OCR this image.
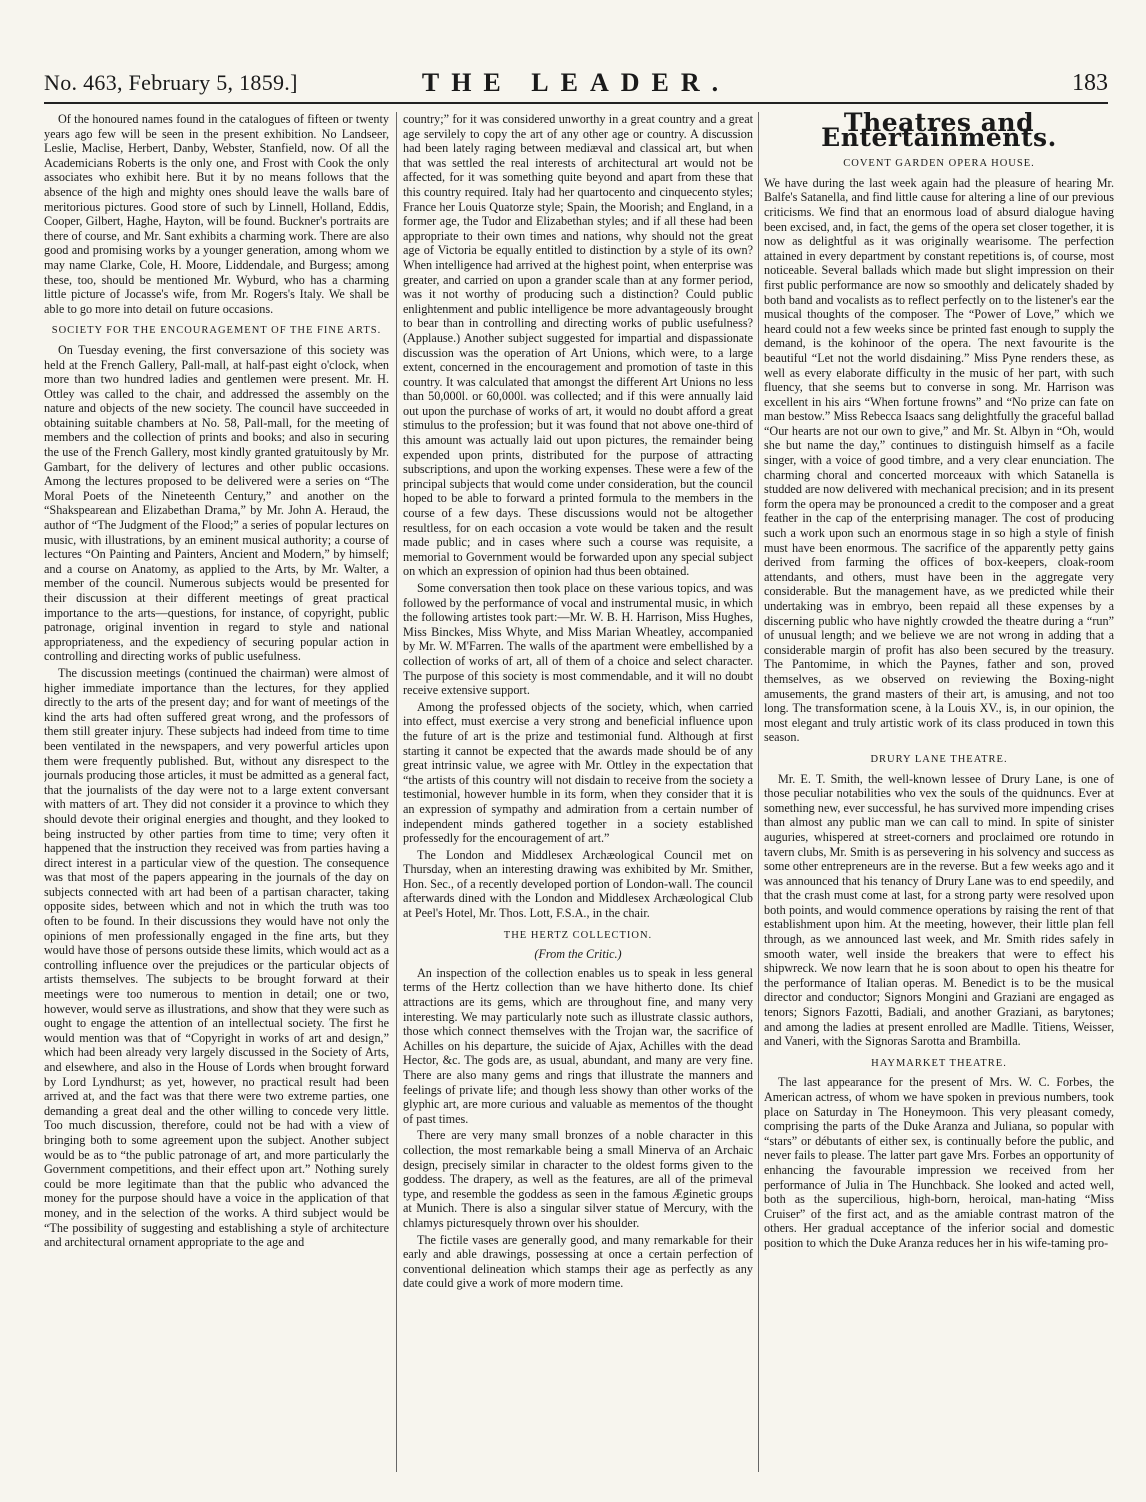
No. 463, February 5, 1859.]	THE LEADER.	183

Of the honoured names found in the catalogues of fifteen or twenty years ago few will be seen in the present exhibition. No Landseer, Leslie, Maclise, Herbert, Danby, Webster, Stanfield, now. Of all the Academicians Roberts is the only one, and Frost with Cook the only associates who exhibit here. But it by no means follows that the absence of the high and mighty ones should leave the walls bare of meritorious pictures. Good store of such by Linnell, Holland, Eddis, Cooper, Gilbert, Haghe, Hayton, will be found. Buckner's portraits are there of course, and Mr. Sant exhibits a charming work. There are also good and promising works by a younger generation, among whom we may name Clarke, Cole, H. Moore, Liddendale, and Burgess; among these, too, should be mentioned Mr. Wyburd, who has a charming little picture of Jocasse's wife, from Mr. Rogers's Italy. We shall be able to go more into detail on future occasions.

SOCIETY FOR THE ENCOURAGEMENT OF THE FINE ARTS.

On Tuesday evening, the first conversazione of this society was held at the French Gallery, Pall-mall, at half-past eight o'clock, when more than two hundred ladies and gentlemen were present. Mr. H. Ottley was called to the chair, and addressed the assembly on the nature and objects of the new society. The council have succeeded in obtaining suitable chambers at No. 58, Pall-mall, for the meeting of members and the collection of prints and books; and also in securing the use of the French Gallery, most kindly granted gratuitously by Mr. Gambart, for the delivery of lectures and other public occasions. Among the lectures proposed to be delivered were a series on “The Moral Poets of the Nineteenth Century,” and another on the “Shakspearean and Elizabethan Drama,” by Mr. John A. Heraud, the author of “The Judgment of the Flood;” a series of popular lectures on music, with illustrations, by an eminent musical authority; a course of lectures “On Painting and Painters, Ancient and Modern,” by himself; and a course on Anatomy, as applied to the Arts, by Mr. Walter, a member of the council. Numerous subjects would be presented for their discussion at their different meetings of great practical importance to the arts—questions, for instance, of copyright, public patronage, original invention in regard to style and national appropriateness, and the expediency of securing popular action in controlling and directing works of public usefulness.

The discussion meetings (continued the chairman) were almost of higher immediate importance than the lectures, for they applied directly to the arts of the present day; and for want of meetings of the kind the arts had often suffered great wrong, and the professors of them still greater injury. These subjects had indeed from time to time been ventilated in the newspapers, and very powerful articles upon them were frequently published. But, without any disrespect to the journals producing those articles, it must be admitted as a general fact, that the journalists of the day were not to a large extent conversant with matters of art. They did not consider it a province to which they should devote their original energies and thought, and they looked to being instructed by other parties from time to time; very often it happened that the instruction they received was from parties having a direct interest in a particular view of the question. The consequence was that most of the papers appearing in the journals of the day on subjects connected with art had been of a partisan character, taking opposite sides, between which and not in which the truth was too often to be found. In their discussions they would have not only the opinions of men professionally engaged in the fine arts, but they would have those of persons outside these limits, which would act as a controlling influence over the prejudices or the particular objects of artists themselves. The subjects to be brought forward at their meetings were too numerous to mention in detail; one or two, however, would serve as illustrations, and show that they were such as ought to engage the attention of an intellectual society. The first he would mention was that of “Copyright in works of art and design,” which had been already very largely discussed in the Society of Arts, and elsewhere, and also in the House of Lords when brought forward by Lord Lyndhurst; as yet, however, no practical result had been arrived at, and the fact was that there were two extreme parties, one demanding a great deal and the other willing to concede very little. Too much discussion, therefore, could not be had with a view of bringing both to some agreement upon the subject. Another subject would be as to “the public patronage of art, and more particularly the Government competitions, and their effect upon art.” Nothing surely could be more legitimate than that the public who advanced the money for the purpose should have a voice in the application of that money, and in the selection of the works. A third subject would be “The possibility of suggesting and establishing a style of architecture and architectural ornament appropriate to the age and

country;” for it was considered unworthy in a great country and a great age servilely to copy the art of any other age or country. A discussion had been lately raging between mediæval and classical art, but when that was settled the real interests of architectural art would not be affected, for it was something quite beyond and apart from these that this country required. Italy had her quartocento and cinquecento styles; France her Louis Quatorze style; Spain, the Moorish; and England, in a former age, the Tudor and Elizabethan styles; and if all these had been appropriate to their own times and nations, why should not the great age of Victoria be equally entitled to distinction by a style of its own? When intelligence had arrived at the highest point, when enterprise was greater, and carried on upon a grander scale than at any former period, was it not worthy of producing such a distinction? Could public enlightenment and public intelligence be more advantageously brought to bear than in controlling and directing works of public usefulness? (Applause.) Another subject suggested for impartial and dispassionate discussion was the operation of Art Unions, which were, to a large extent, concerned in the encouragement and promotion of taste in this country. It was calculated that amongst the different Art Unions no less than 50,000l. or 60,000l. was collected; and if this were annually laid out upon the purchase of works of art, it would no doubt afford a great stimulus to the profession; but it was found that not above one-third of this amount was actually laid out upon pictures, the remainder being expended upon prints, distributed for the purpose of attracting subscriptions, and upon the working expenses. These were a few of the principal subjects that would come under consideration, but the council hoped to be able to forward a printed formula to the members in the course of a few days. These discussions would not be altogether resultless, for on each occasion a vote would be taken and the result made public; and in cases where such a course was requisite, a memorial to Government would be forwarded upon any special subject on which an expression of opinion had thus been obtained.

Some conversation then took place on these various topics, and was followed by the performance of vocal and instrumental music, in which the following artistes took part:—Mr. W. B. H. Harrison, Miss Hughes, Miss Binckes, Miss Whyte, and Miss Marian Wheatley, accompanied by Mr. W. M'Farren. The walls of the apartment were embellished by a collection of works of art, all of them of a choice and select character. The purpose of this society is most commendable, and it will no doubt receive extensive support.

Among the professed objects of the society, which, when carried into effect, must exercise a very strong and beneficial influence upon the future of art is the prize and testimonial fund. Although at first starting it cannot be expected that the awards made should be of any great intrinsic value, we agree with Mr. Ottley in the expectation that “the artists of this country will not disdain to receive from the society a testimonial, however humble in its form, when they consider that it is an expression of sympathy and admiration from a certain number of independent minds gathered together in a society established professedly for the encouragement of art.”

The London and Middlesex Archæological Council met on Thursday, when an interesting drawing was exhibited by Mr. Smither, Hon. Sec., of a recently developed portion of London-wall. The council afterwards dined with the London and Middlesex Archæological Club at Peel's Hotel, Mr. Thos. Lott, F.S.A., in the chair.

THE HERTZ COLLECTION.

(From the Critic.)

An inspection of the collection enables us to speak in less general terms of the Hertz collection than we have hitherto done. Its chief attractions are its gems, which are throughout fine, and many very interesting. We may particularly note such as illustrate classic authors, those which connect themselves with the Trojan war, the sacrifice of Achilles on his departure, the suicide of Ajax, Achilles with the dead Hector, &c. The gods are, as usual, abundant, and many are very fine. There are also many gems and rings that illustrate the manners and feelings of private life; and though less showy than other works of the glyphic art, are more curious and valuable as mementos of the thought of past times.

There are very many small bronzes of a noble character in this collection, the most remarkable being a small Minerva of an Archaic design, precisely similar in character to the oldest forms given to the goddess. The drapery, as well as the features, are all of the primeval type, and resemble the goddess as seen in the famous Æginetic groups at Munich. There is also a singular silver statue of Mercury, with the chlamys picturesquely thrown over his shoulder.

The fictile vases are generally good, and many remarkable for their early and able drawings, possessing at once a certain perfection of conventional delineation which stamps their age as perfectly as any date could give a work of more modern time.

Theatres and Entertainments.
COVENT GARDEN OPERA HOUSE.

We have during the last week again had the pleasure of hearing Mr. Balfe's Satanella, and find little cause for altering a line of our previous criticisms. We find that an enormous load of absurd dialogue having been excised, and, in fact, the gems of the opera set closer together, it is now as delightful as it was originally wearisome. The perfection attained in every department by constant repetitions is, of course, most noticeable. Several ballads which made but slight impression on their first public performance are now so smoothly and delicately shaded by both band and vocalists as to reflect perfectly on to the listener's ear the musical thoughts of the composer. The “Power of Love,” which we heard could not a few weeks since be printed fast enough to supply the demand, is the kohinoor of the opera. The next favourite is the beautiful “Let not the world disdaining.” Miss Pyne renders these, as well as every elaborate difficulty in the music of her part, with such fluency, that she seems but to converse in song. Mr. Harrison was excellent in his airs “When fortune frowns” and “No prize can fate on man bestow.” Miss Rebecca Isaacs sang delightfully the graceful ballad “Our hearts are not our own to give,” and Mr. St. Albyn in “Oh, would she but name the day,” continues to distinguish himself as a facile singer, with a voice of good timbre, and a very clear enunciation. The charming choral and concerted morceaux with which Satanella is studded are now delivered with mechanical precision; and in its present form the opera may be pronounced a credit to the composer and a great feather in the cap of the enterprising manager. The cost of producing such a work upon such an enormous stage in so high a style of finish must have been enormous. The sacrifice of the apparently petty gains derived from farming the offices of box-keepers, cloak-room attendants, and others, must have been in the aggregate very considerable. But the management have, as we predicted while their undertaking was in embryo, been repaid all these expenses by a discerning public who have nightly crowded the theatre during a “run” of unusual length; and we believe we are not wrong in adding that a considerable margin of profit has also been secured by the treasury. The Pantomime, in which the Paynes, father and son, proved themselves, as we observed on reviewing the Boxing-night amusements, the grand masters of their art, is amusing, and not too long. The transformation scene, à la Louis XV., is, in our opinion, the most elegant and truly artistic work of its class produced in town this season.

DRURY LANE THEATRE.

Mr. E. T. Smith, the well-known lessee of Drury Lane, is one of those peculiar notabilities who vex the souls of the quidnuncs. Ever at something new, ever successful, he has survived more impending crises than almost any public man we can call to mind. In spite of sinister auguries, whispered at street-corners and proclaimed ore rotundo in tavern clubs, Mr. Smith is as persevering in his solvency and success as some other entrepreneurs are in the reverse. But a few weeks ago and it was announced that his tenancy of Drury Lane was to end speedily, and that the crash must come at last, for a strong party were resolved upon both points, and would commence operations by raising the rent of that establishment upon him. At the meeting, however, their little plan fell through, as we announced last week, and Mr. Smith rides safely in smooth water, well inside the breakers that were to effect his shipwreck. We now learn that he is soon about to open his theatre for the performance of Italian operas. M. Benedict is to be the musical director and conductor; Signors Mongini and Graziani are engaged as tenors; Signors Fazotti, Badiali, and another Graziani, as barytones; and among the ladies at present enrolled are Madlle. Titiens, Weisser, and Vaneri, with the Signoras Sarotta and Brambilla.

HAYMARKET THEATRE.

The last appearance for the present of Mrs. W. C. Forbes, the American actress, of whom we have spoken in previous numbers, took place on Saturday in The Honeymoon. This very pleasant comedy, comprising the parts of the Duke Aranza and Juliana, so popular with “stars” or débutants of either sex, is continually before the public, and never fails to please. The latter part gave Mrs. Forbes an opportunity of enhancing the favourable impression we received from her performance of Julia in The Hunchback. She looked and acted well, both as the supercilious, high-born, heroical, man-hating “Miss Cruiser” of the first act, and as the amiable contrast matron of the others. Her gradual acceptance of the inferior social and domestic position to which the Duke Aranza reduces her in his wife-taming pro-
